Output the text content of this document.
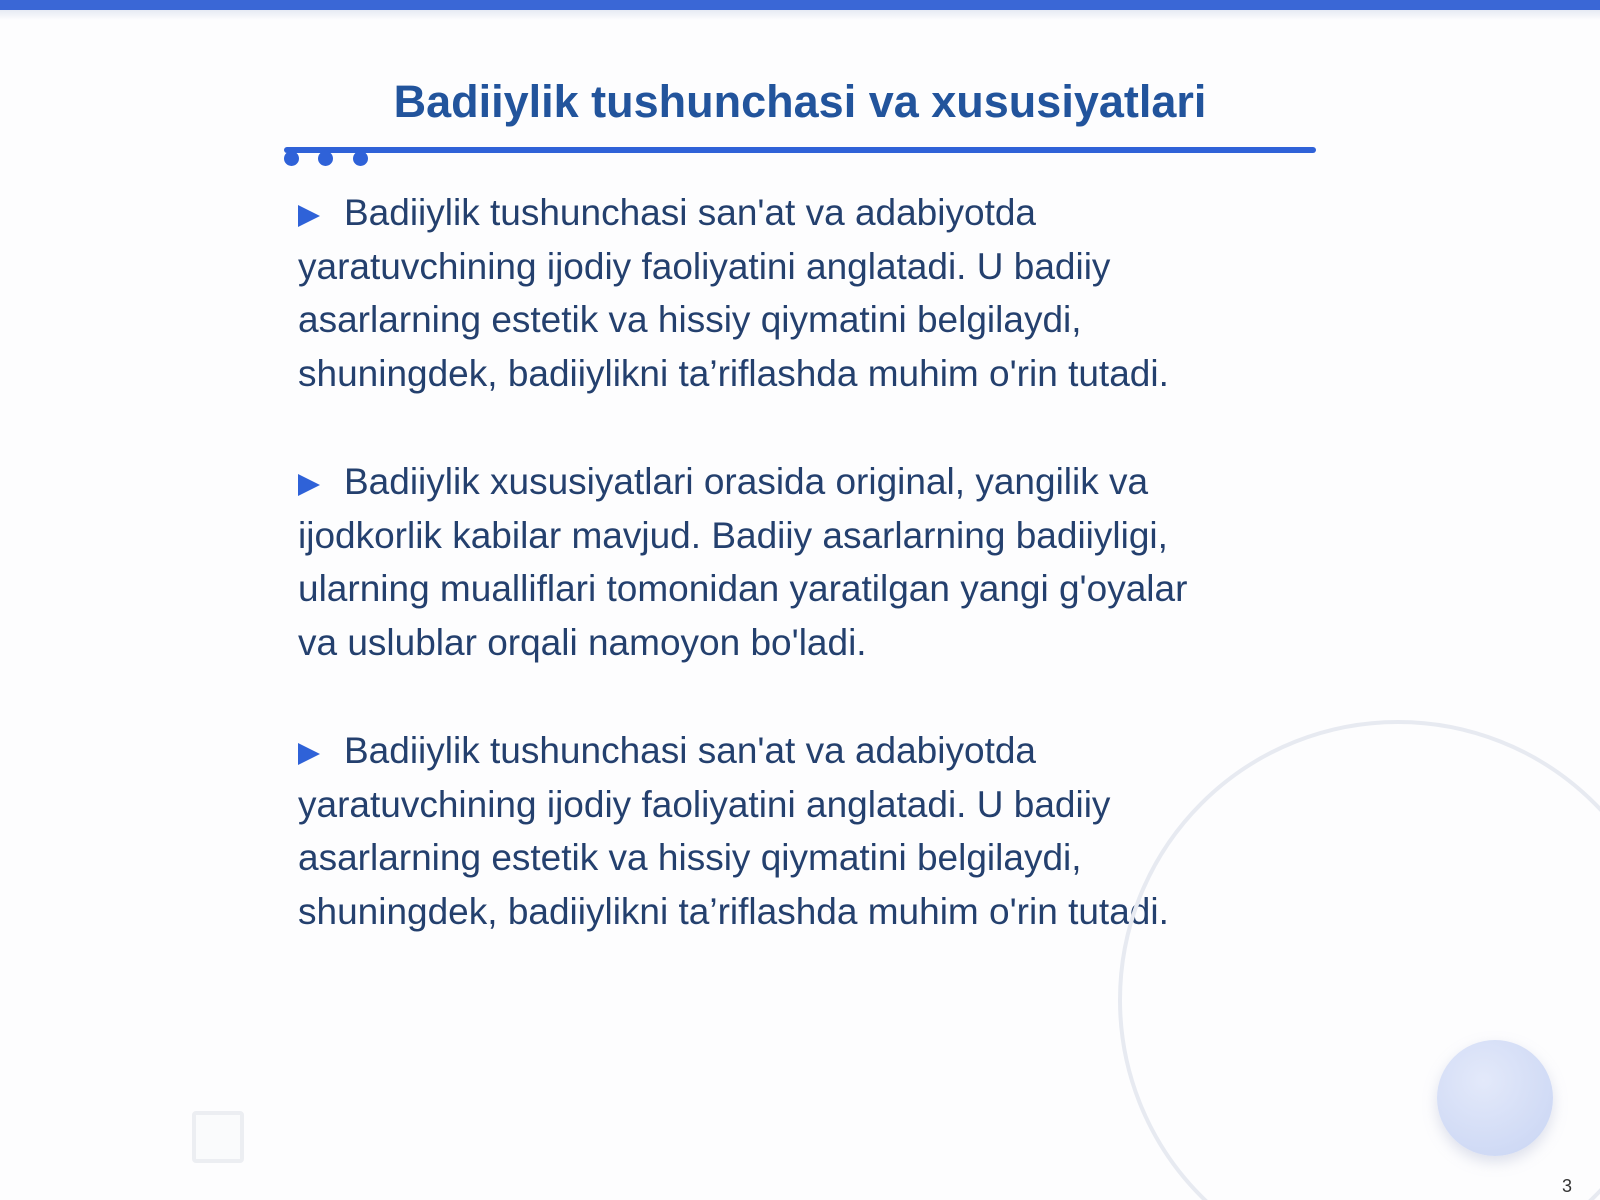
Badiiylik tushunchasi va xususiyatlari

Badiiylik tushunchasi san'at va adabiyotda
yaratuvchining ijodiy faoliyatini anglatadi. U badiiy
asarlarning estetik va hissiy qiymatini belgilaydi,
shuningdek, badiiylikni ta’riflashda muhim o'rin tutadi.

Badiiylik xususiyatlari orasida original, yangilik va
ijodkorlik kabilar mavjud. Badiiy asarlarning badiiyligi,
ularning mualliflari tomonidan yaratilgan yangi g'oyalar
va uslublar orqali namoyon bo'ladi.

Badiiylik tushunchasi san'at va adabiyotda
yaratuvchining ijodiy faoliyatini anglatadi. U badiiy
asarlarning estetik va hissiy qiymatini belgilaydi,
shuningdek, badiiylikni ta’riflashda muhim o'rin tutadi.

3
